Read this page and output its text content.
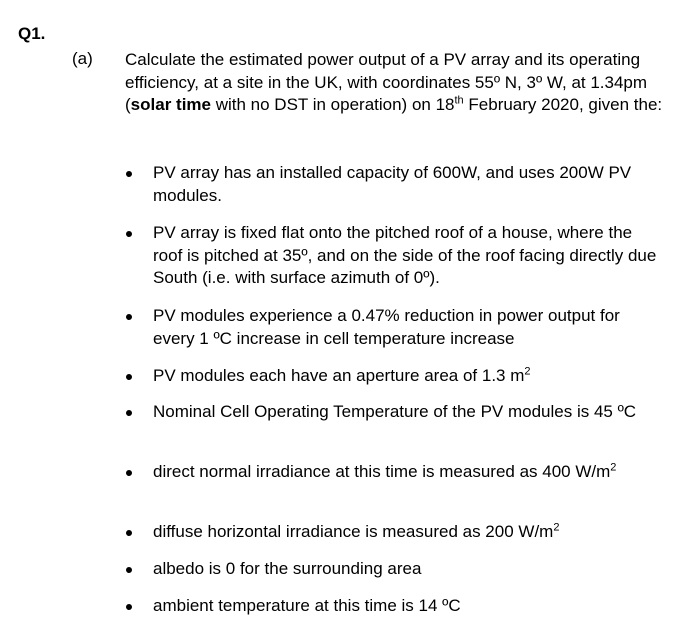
Q1.
(a) Calculate the estimated power output of a PV array and its operating efficiency, at a site in the UK, with coordinates 55º N, 3º W, at 1.34pm (solar time with no DST in operation) on 18th February 2020, given the:
PV array has an installed capacity of 600W, and uses 200W PV modules.
PV array is fixed flat onto the pitched roof of a house, where the roof is pitched at 35º, and on the side of the roof facing directly due South (i.e. with surface azimuth of 0º).
PV modules experience a 0.47% reduction in power output for every 1 ºC increase in cell temperature increase
PV modules each have an aperture area of 1.3 $m^2$
Nominal Cell Operating Temperature of the PV modules is 45 ºC
direct normal irradiance at this time is measured as 400 $W/m^2$
diffuse horizontal irradiance is measured as 200 $W/m^2$
albedo is 0 for the surrounding area
ambient temperature at this time is 14 ºC
